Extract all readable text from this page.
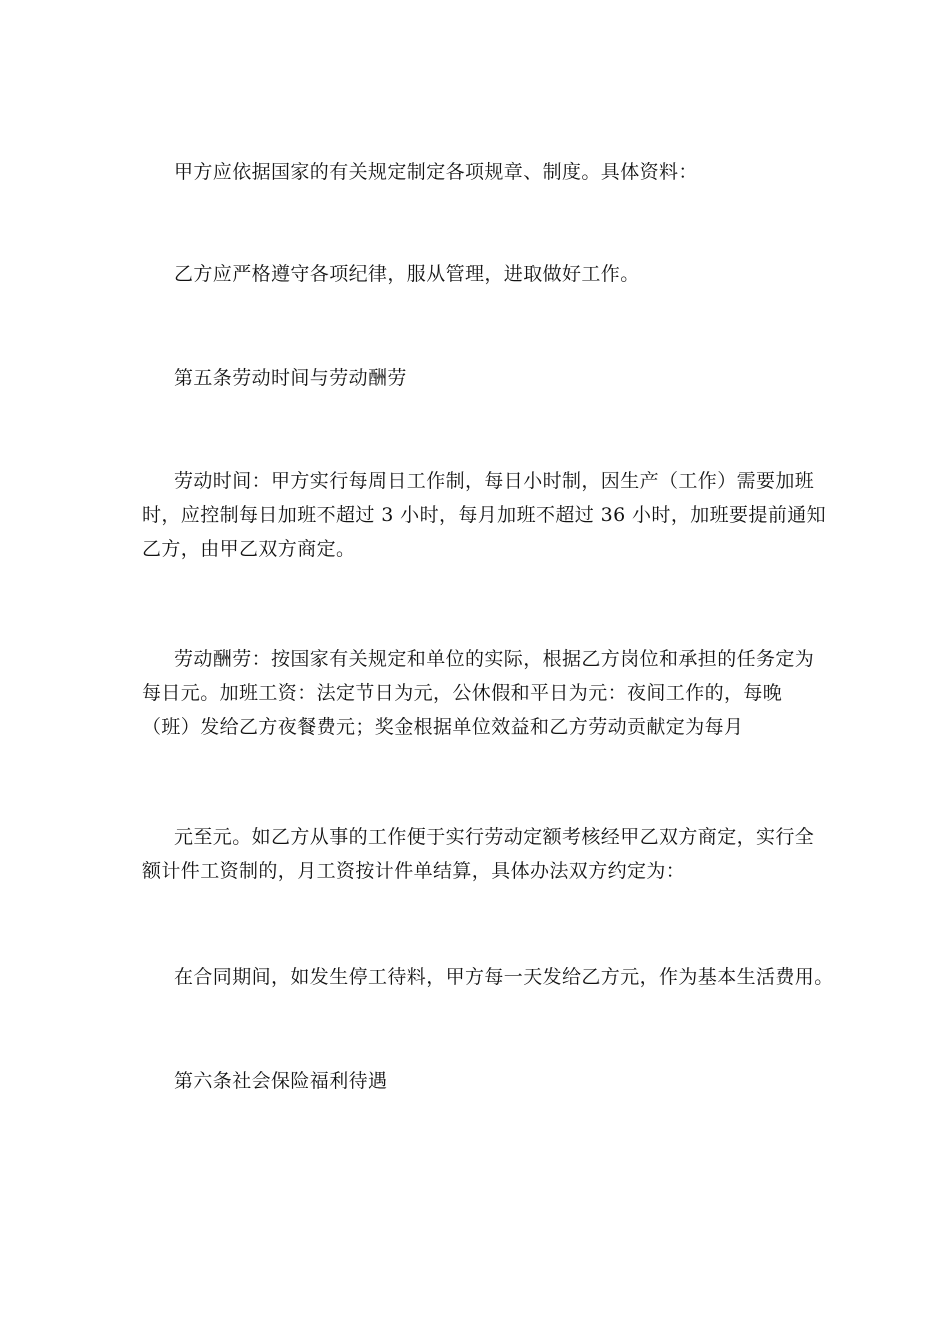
甲方应依据国家的有关规定制定各项规章、制度。具体资料：

乙方应严格遵守各项纪律，服从管理，进取做好工作。

第五条劳动时间与劳动酬劳

劳动时间：甲方实行每周日工作制，每日小时制，因生产（工作）需要加班
时，应控制每日加班不超过 3 小时，每月加班不超过 36 小时，加班要提前通知
乙方，由甲乙双方商定。

劳动酬劳：按国家有关规定和单位的实际，根据乙方岗位和承担的任务定为
每日元。加班工资：法定节日为元，公休假和平日为元：夜间工作的，每晚
（班）发给乙方夜餐费元；奖金根据单位效益和乙方劳动贡献定为每月

元至元。如乙方从事的工作便于实行劳动定额考核经甲乙双方商定，实行全
额计件工资制的，月工资按计件单结算，具体办法双方约定为：

在合同期间，如发生停工待料，甲方每一天发给乙方元，作为基本生活费用。

第六条社会保险福利待遇
